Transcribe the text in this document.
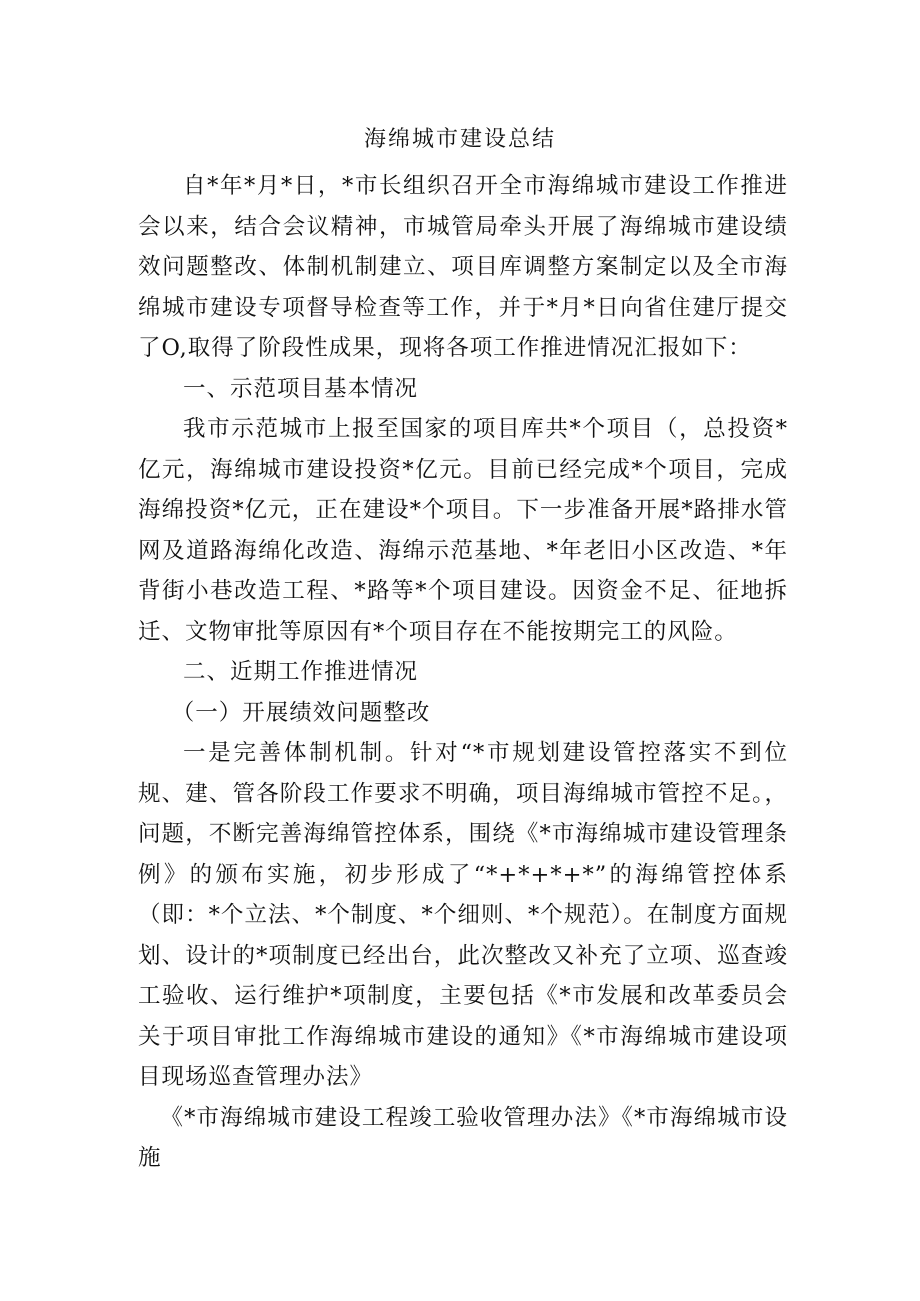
海绵城市建设总结

自*年*月*日，*市长组织召开全市海绵城市建设工作推进会以来，结合会议精神，市城管局牵头开展了海绵城市建设绩效问题整改、体制机制建立、项目库调整方案制定以及全市海绵城市建设专项督导检查等工作，并于*月*日向省住建厅提交了O,取得了阶段性成果，现将各项工作推进情况汇报如下：

一、示范项目基本情况

我市示范城市上报至国家的项目库共*个项目（，总投资*亿元，海绵城市建设投资*亿元。目前已经完成*个项目，完成海绵投资*亿元，正在建设*个项目。下一步准备开展*路排水管网及道路海绵化改造、海绵示范基地、*年老旧小区改造、*年背街小巷改造工程、*路等*个项目建设。因资金不足、征地拆迁、文物审批等原因有*个项目存在不能按期完工的风险。

二、近期工作推进情况

（一）开展绩效问题整改

一是完善体制机制。针对“*市规划建设管控落实不到位规、建、管各阶段工作要求不明确，项目海绵城市管控不足。，问题，不断完善海绵管控体系，围绕《*市海绵城市建设管理条例》的颁布实施，初步形成了“*+*+*+*”的海绵管控体系（即：*个立法、*个制度、*个细则、*个规范）。在制度方面规划、设计的*项制度已经出台，此次整改又补充了立项、巡查竣工验收、运行维护*项制度，主要包括《*市发展和改革委员会关于项目审批工作海绵城市建设的通知》《*市海绵城市建设项目现场巡查管理办法》

《*市海绵城市建设工程竣工验收管理办法》《*市海绵城市设施
